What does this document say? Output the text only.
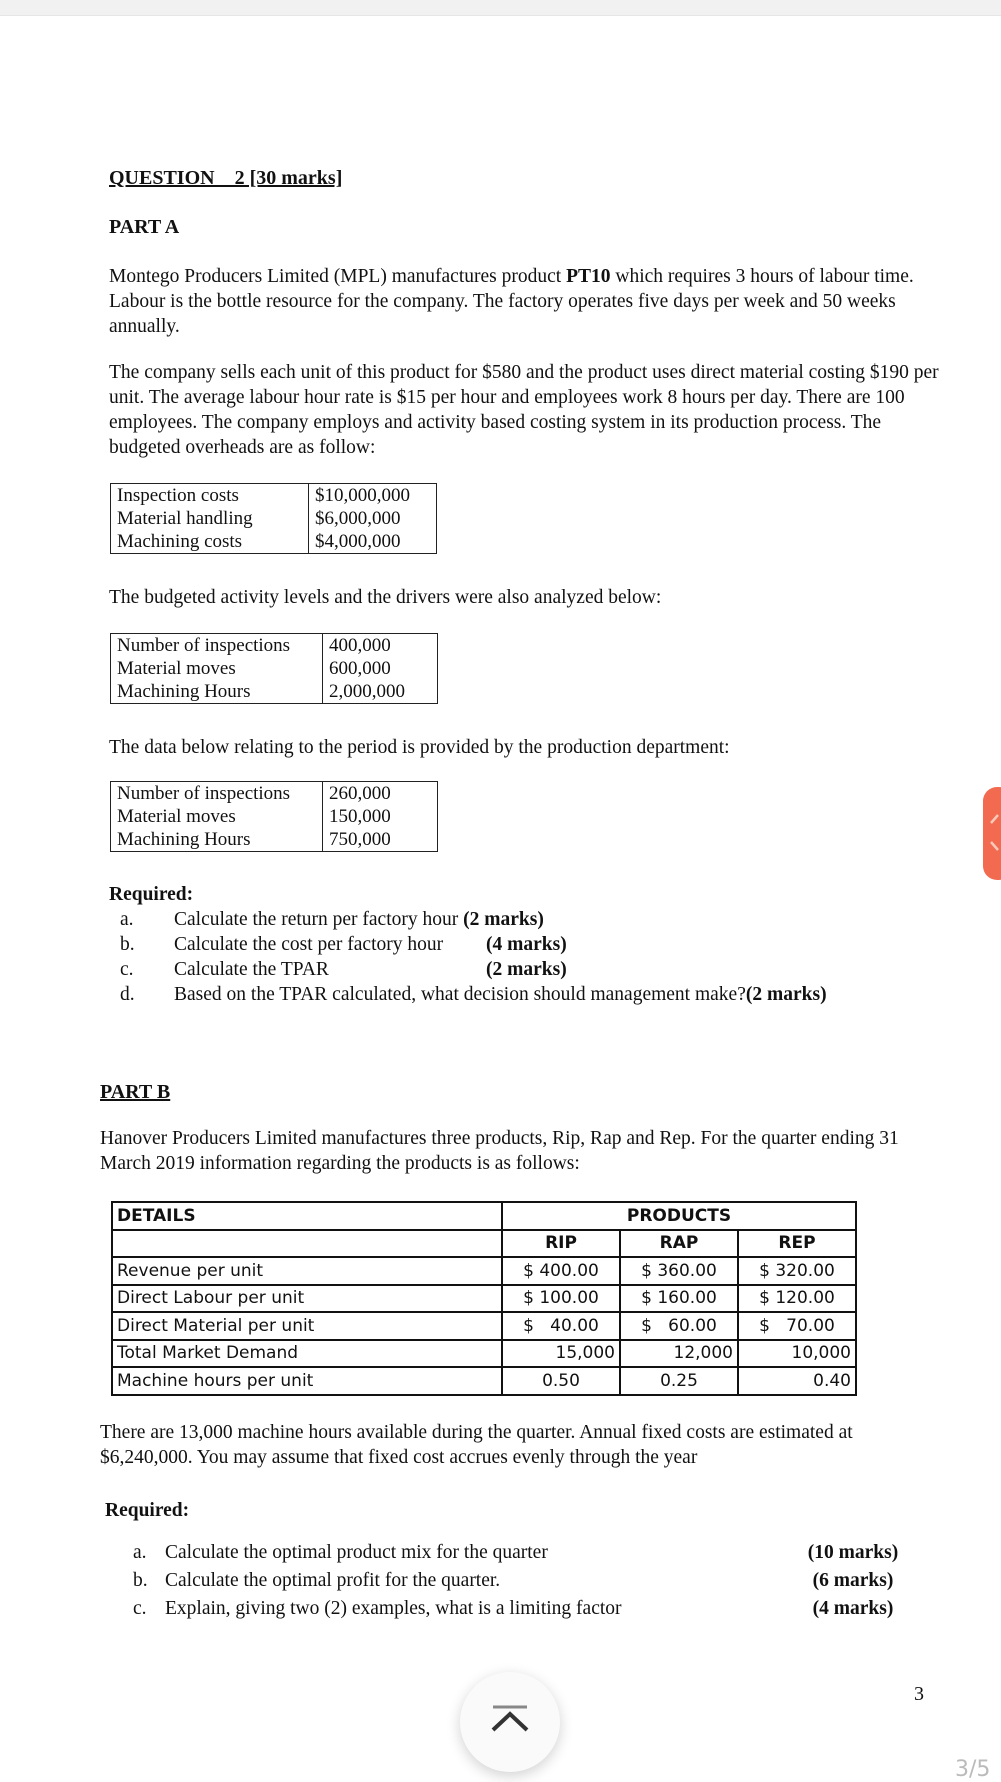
QUESTION    2 [30 marks]
PART A
Montego Producers Limited (MPL) manufactures product PT10 which requires 3 hours of labour time. Labour is the bottle resource for the company. The factory operates five days per week and 50 weeks annually.
The company sells each unit of this product for $580 and the product uses direct material costing $190 per unit. The average labour hour rate is $15 per hour and employees work 8 hours per day. There are 100 employees. The company employs and activity based costing system in its production process. The budgeted overheads are as follow:
Inspection costs	$10,000,000
Material handling	$6,000,000
Machining costs	$4,000,000
The budgeted activity levels and the drivers were also analyzed below:
Number of inspections	400,000
Material moves	600,000
Machining Hours	2,000,000
The data below relating to the period is provided by the production department:
Number of inspections	260,000
Material moves	150,000
Machining Hours	750,000
Required:
a. Calculate the return per factory hour (2 marks)
b. Calculate the cost per factory hour(4 marks)
c. Calculate the TPAR	(2 marks)
d. Based on the TPAR calculated, what decision should management make?(2 marks)
PART B
Hanover Producers Limited manufactures three products, Rip, Rap and Rep. For the quarter ending 31 March 2019 information regarding the products is as follows:
DETAILS	PRODUCTS		
	RIP	RAP	REP
Revenue per unit	$ 400.00	$ 360.00	$ 320.00
Direct Labour per unit	$ 100.00	$ 160.00	$ 120.00
Direct Material per unit	$   40.00	$   60.00	$   70.00
Total Market Demand	15,000	12,000	10,000
Machine hours per unit	0.50	0.25	0.40
There are 13,000 machine hours available during the quarter. Annual fixed costs are estimated at $6,240,000. You may assume that fixed cost accrues evenly through the year
Required:
a. Calculate the optimal product mix for the quarter	(10 marks)
b. Calculate the optimal profit for the quarter.	(6 marks)
c. Explain, giving two (2) examples, what is a limiting factor	(4 marks)
3
3/5
